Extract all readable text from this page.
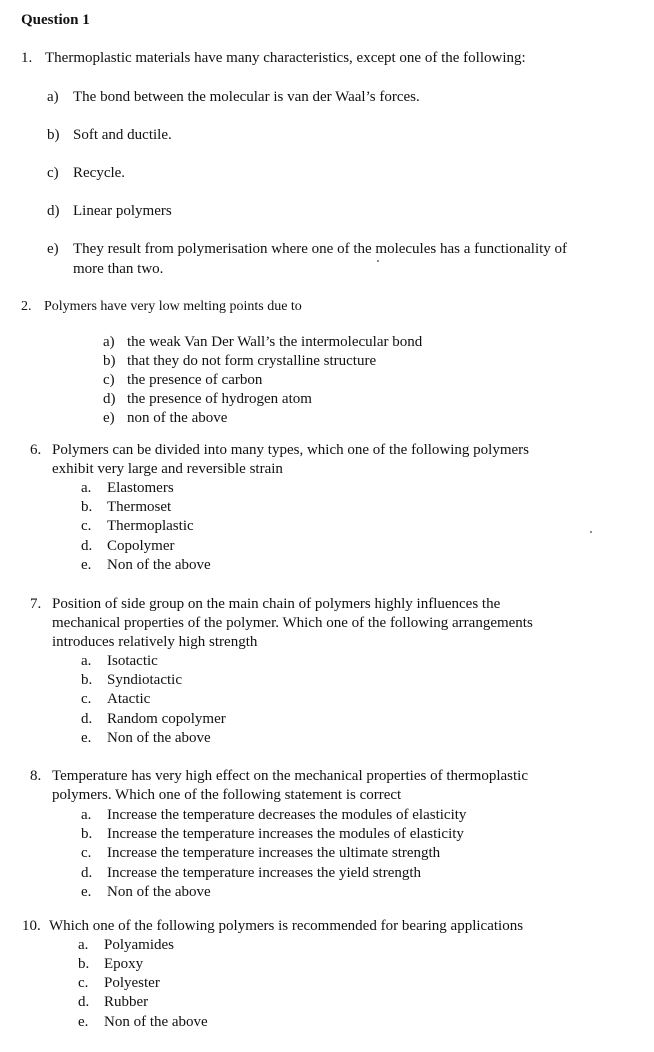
Question 1
1. Thermoplastic materials have many characteristics, except one of the following:
a) The bond between the molecular is van der Waal’s forces.
b) Soft and ductile.
c) Recycle.
d) Linear polymers
e) They result from polymerisation where one of the molecules has a functionality of
more than two.
2. Polymers have very low melting points due to
a) the weak Van Der Wall’s the intermolecular bond
b) that they do not form crystalline structure
c) the presence of carbon
d) the presence of hydrogen atom
e) non of the above
6. Polymers can be divided into many types, which one of the following polymers
exhibit very large and reversible strain
a. Elastomers
b. Thermoset
c. Thermoplastic
d. Copolymer
e. Non of the above
7. Position of side group on the main chain of polymers highly influences the
mechanical properties of the polymer. Which one of the following arrangements
introduces relatively high strength
a. Isotactic
b. Syndiotactic
c. Atactic
d. Random copolymer
e. Non of the above
8. Temperature has very high effect on the mechanical properties of thermoplastic
polymers. Which one of the following statement is correct
a. Increase the temperature decreases the modules of elasticity
b. Increase the temperature increases the modules of elasticity
c. Increase the temperature increases the ultimate strength
d. Increase the temperature increases the yield strength
e. Non of the above
10. Which one of the following polymers is recommended for bearing applications
a. Polyamides
b. Epoxy
c. Polyester
d. Rubber
e. Non of the above
